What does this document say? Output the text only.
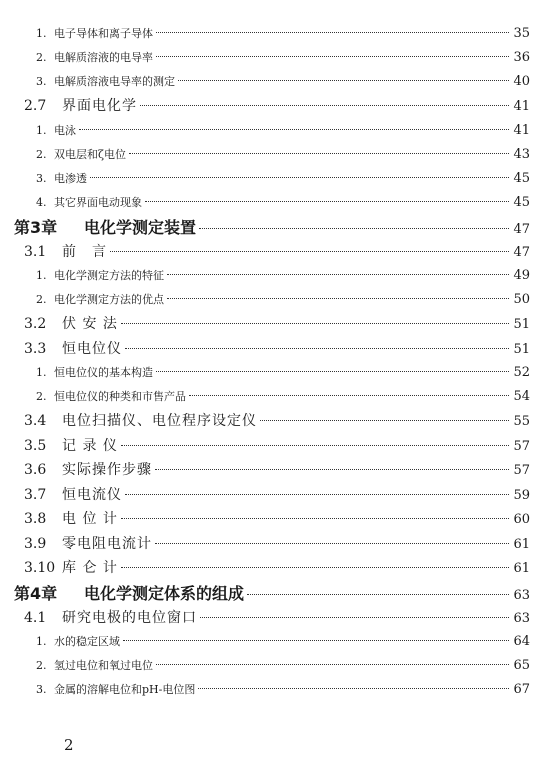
1. 电子导体和离子导体	35
2. 电解质溶液的电导率	36
3. 电解质溶液电导率的测定	40
2.7	界面电化学	41
1. 电泳	41
2. 双电层和ζ电位	43
3. 电渗透	45
4. 其它界面电动现象	45
第3章	电化学测定装置	47
3.1	前　言	47
1. 电化学测定方法的特征	49
2. 电化学测定方法的优点	50
3.2	伏 安 法	51
3.3	恒电位仪	51
1. 恒电位仪的基本构造	52
2. 恒电位仪的种类和市售产品	54
3.4	电位扫描仪、电位程序设定仪	55
3.5	记 录 仪	57
3.6	实际操作步骤	57
3.7	恒电流仪	59
3.8	电 位 计	60
3.9	零电阻电流计	61
3.10 库 仑 计	61
第4章	电化学测定体系的组成	63
4.1	研究电极的电位窗口	63
1. 水的稳定区域	64
2. 氢过电位和氧过电位	65
3. 金属的溶解电位和pH-电位图	67
2
